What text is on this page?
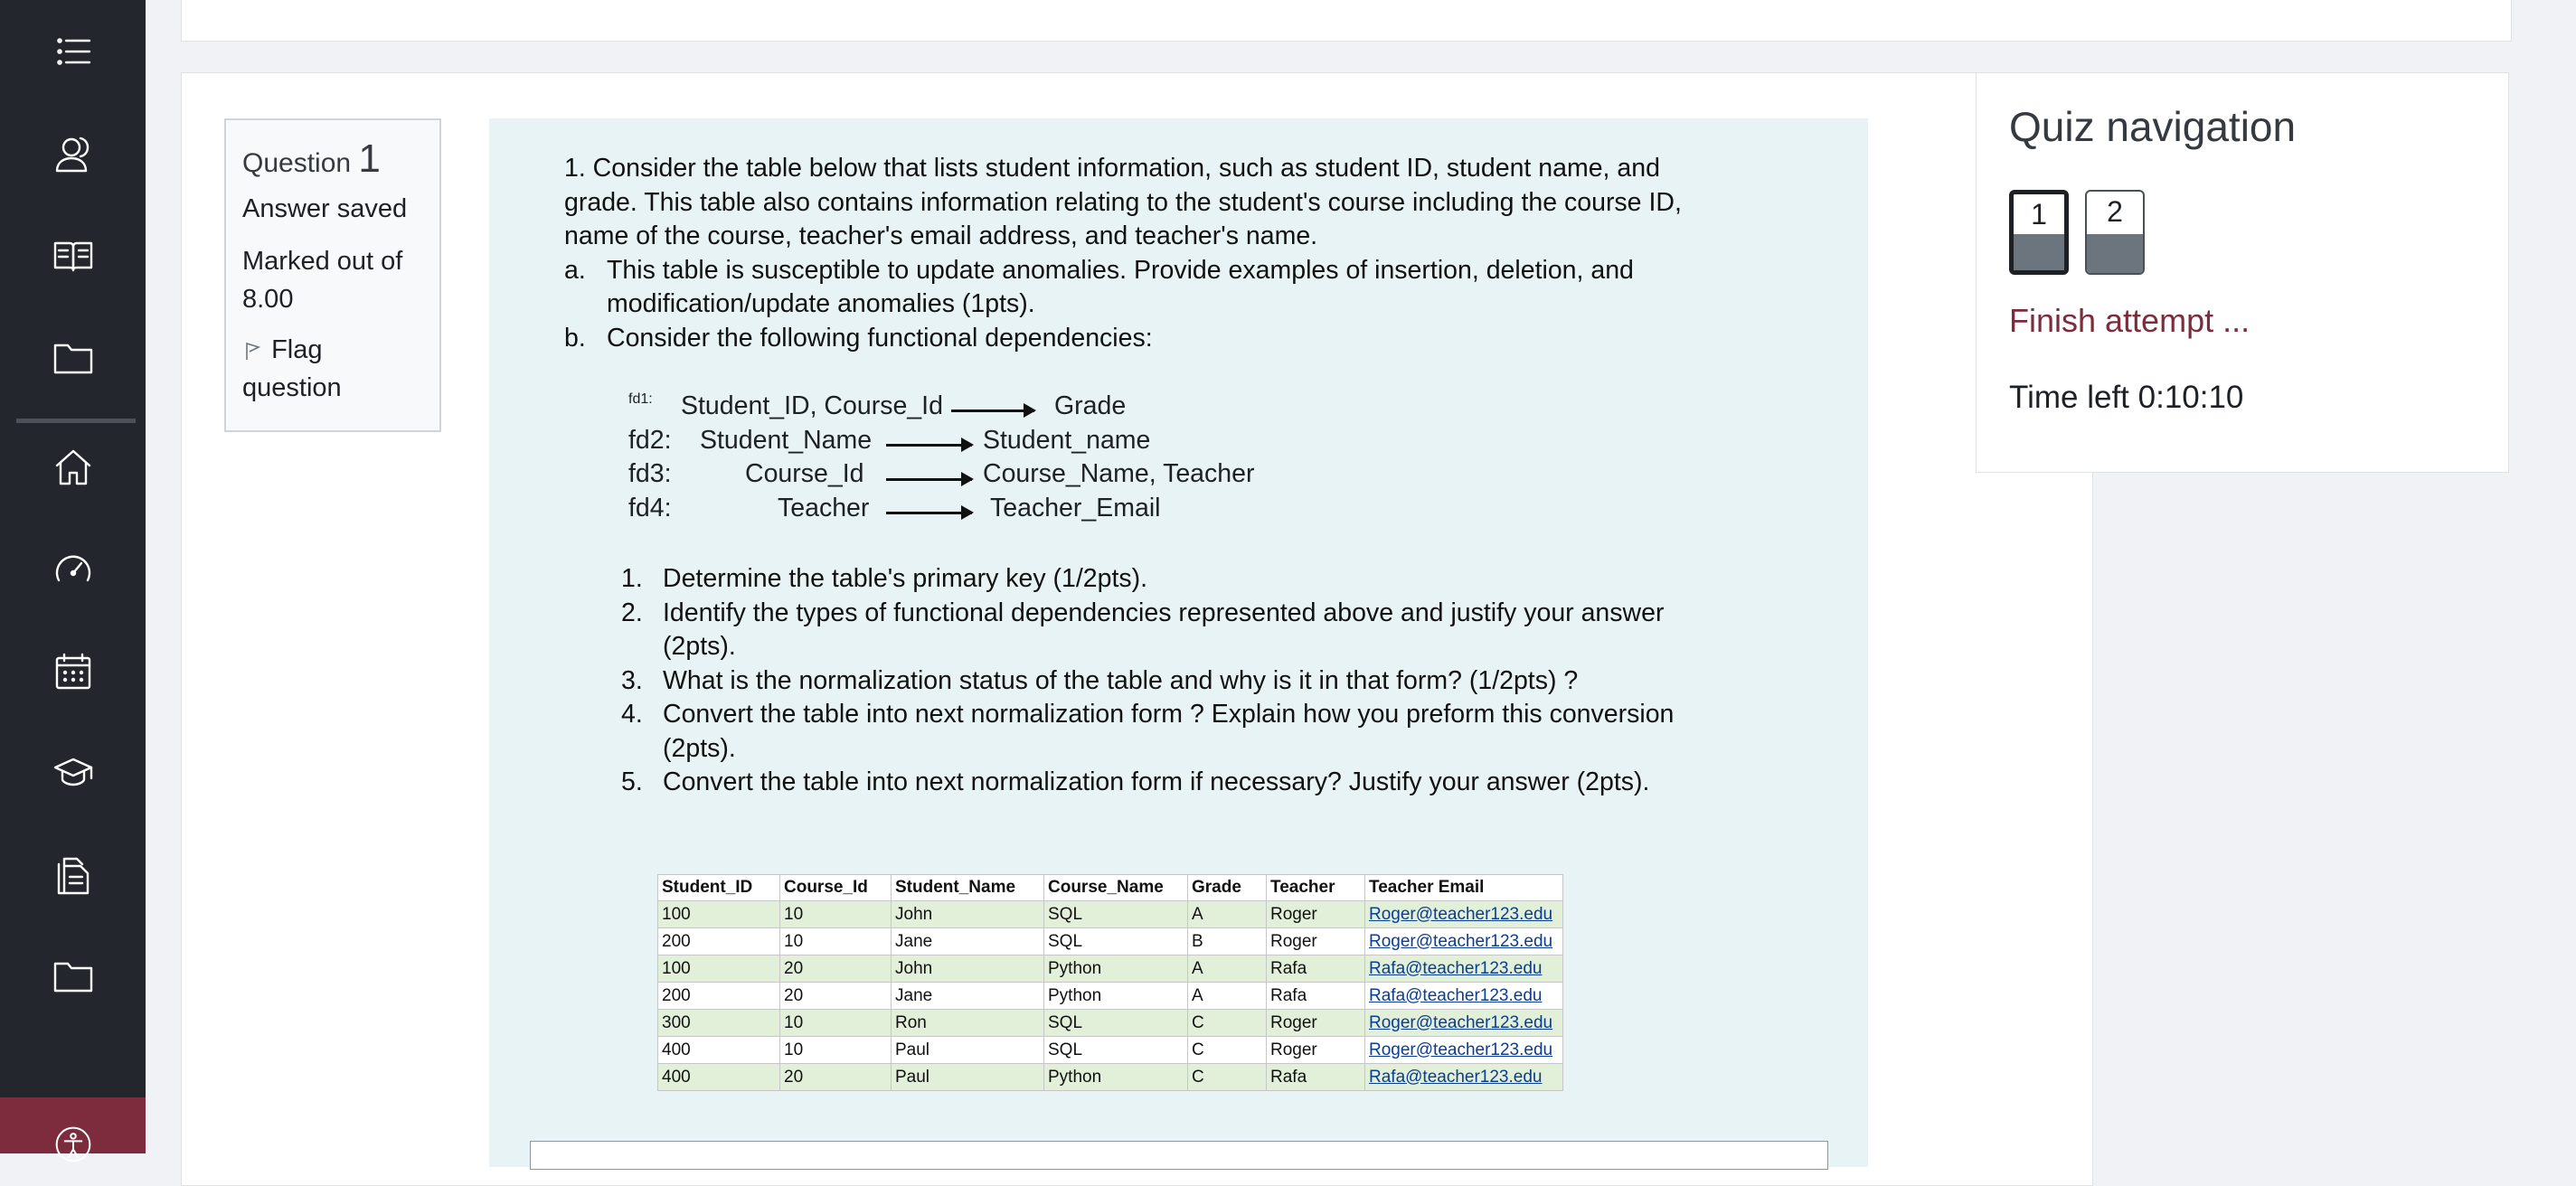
Question 1
Answer saved
Marked out of 8.00
Flag question

1. Consider the table below that lists student information, such as student ID, student name, and grade. This table also contains information relating to the student's course including the course ID, name of the course, teacher's email address, and teacher's name.

a. This table is susceptible to update anomalies. Provide examples of insertion, deletion, and modification/update anomalies (1pts).
b. Consider the following functional dependencies:
fd1: Student_ID, Course_Id	Grade
fd2: Student_Name	Student_name
fd3:	Course_Id	Course_Name, Teacher
fd4:	Teacher	Teacher_Email
1. Determine the table's primary key (1/2pts).
2. Identify the types of functional dependencies represented above and justify your answer (2pts).
3. What is the normalization status of the table and why is it in that form? (1/2pts) ?
4. Convert the table into next normalization form ? Explain how you preform this conversion (2pts).
5. Convert the table into next normalization form if necessary? Justify your answer (2pts).
Student_ID	Course_Id	Student_Name	Course_Name	Grade	Teacher	Teacher Email
100	10	John	SQL	A	Roger	Roger@teacher123.edu
200	10	Jane	SQL	B	Roger	Roger@teacher123.edu
100	20	John	Python	A	Rafa	Rafa@teacher123.edu
200	20	Jane	Python	A	Rafa	Rafa@teacher123.edu
300	10	Ron	SQL	C	Roger	Roger@teacher123.edu
400	10	Paul	SQL	C	Roger	Roger@teacher123.edu
400	20	Paul	Python	C	Rafa	Rafa@teacher123.edu
Quiz navigation
1	2
Finish attempt ...
Time left 0:10:10
